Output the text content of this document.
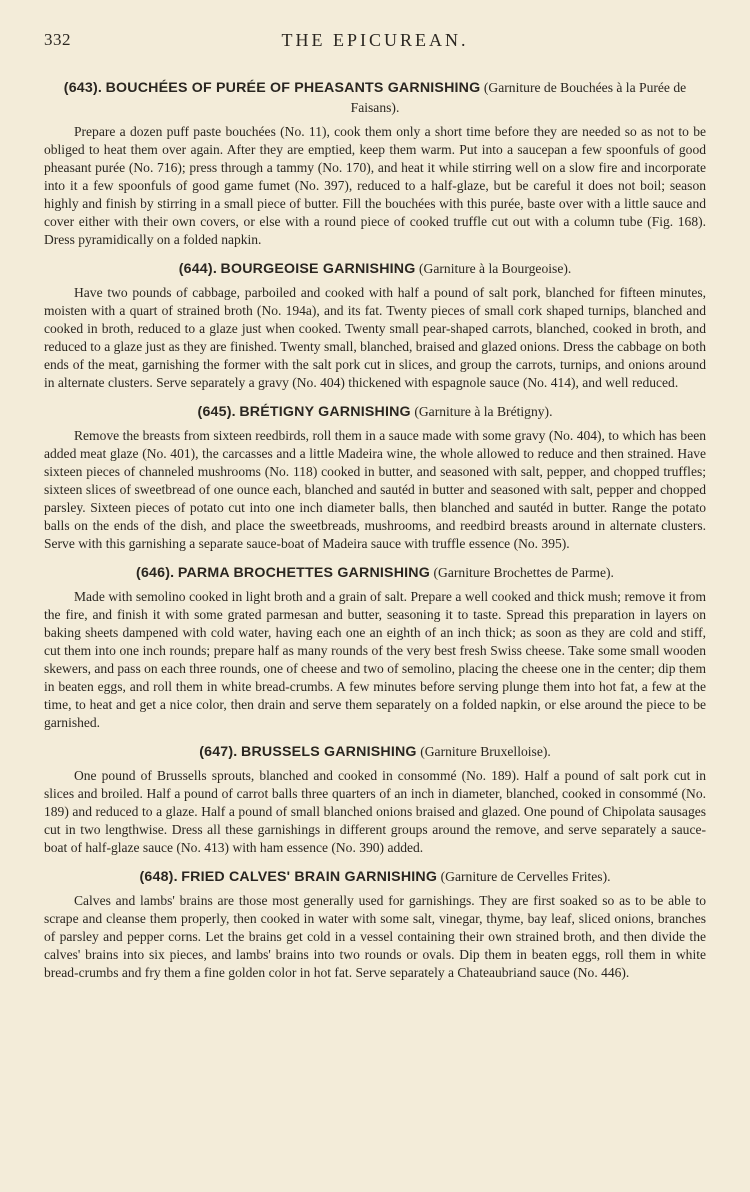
332	THE EPICUREAN.
(643). BOUCHÉES OF PURÉE OF PHEASANTS GARNISHING (Garniture de Bouchées à la Purée de Faisans).

Prepare a dozen puff paste bouchées (No. 11), cook them only a short time before they are needed so as not to be obliged to heat them over again. After they are emptied, keep them warm. Put into a saucepan a few spoonfuls of good pheasant purée (No. 716); press through a tammy (No. 170), and heat it while stirring well on a slow fire and incorporate into it a few spoonfuls of good game fumet (No. 397), reduced to a half-glaze, but be careful it does not boil; season highly and finish by stirring in a small piece of butter. Fill the bouchées with this purée, baste over with a little sauce and cover either with their own covers, or else with a round piece of cooked truffle cut out with a column tube (Fig. 168). Dress pyramidically on a folded napkin.

(644). BOURGEOISE GARNISHING (Garniture à la Bourgeoise).

Have two pounds of cabbage, parboiled and cooked with half a pound of salt pork, blanched for fifteen minutes, moisten with a quart of strained broth (No. 194a), and its fat. Twenty pieces of small cork shaped turnips, blanched and cooked in broth, reduced to a glaze just when cooked. Twenty small pear-shaped carrots, blanched, cooked in broth, and reduced to a glaze just as they are finished. Twenty small, blanched, braised and glazed onions. Dress the cabbage on both ends of the meat, garnishing the former with the salt pork cut in slices, and group the carrots, turnips, and onions around in alternate clusters. Serve separately a gravy (No. 404) thickened with espagnole sauce (No. 414), and well reduced.

(645). BRÉTIGNY GARNISHING (Garniture à la Brétigny).

Remove the breasts from sixteen reedbirds, roll them in a sauce made with some gravy (No. 404), to which has been added meat glaze (No. 401), the carcasses and a little Madeira wine, the whole allowed to reduce and then strained. Have sixteen pieces of channeled mushrooms (No. 118) cooked in butter, and seasoned with salt, pepper, and chopped truffles; sixteen slices of sweetbread of one ounce each, blanched and sautéd in butter and seasoned with salt, pepper and chopped parsley. Sixteen pieces of potato cut into one inch diameter balls, then blanched and sautéd in butter. Range the potato balls on the ends of the dish, and place the sweetbreads, mushrooms, and reedbird breasts around in alternate clusters. Serve with this garnishing a separate sauce-boat of Madeira sauce with truffle essence (No. 395).

(646). PARMA BROCHETTES GARNISHING (Garniture Brochettes de Parme).

Made with semolino cooked in light broth and a grain of salt. Prepare a well cooked and thick mush; remove it from the fire, and finish it with some grated parmesan and butter, seasoning it to taste. Spread this preparation in layers on baking sheets dampened with cold water, having each one an eighth of an inch thick; as soon as they are cold and stiff, cut them into one inch rounds; prepare half as many rounds of the very best fresh Swiss cheese. Take some small wooden skewers, and pass on each three rounds, one of cheese and two of semolino, placing the cheese one in the center; dip them in beaten eggs, and roll them in white bread-crumbs. A few minutes before serving plunge them into hot fat, a few at the time, to heat and get a nice color, then drain and serve them separately on a folded napkin, or else around the piece to be garnished.

(647). BRUSSELS GARNISHING (Garniture Bruxelloise).

One pound of Brussells sprouts, blanched and cooked in consommé (No. 189). Half a pound of salt pork cut in slices and broiled. Half a pound of carrot balls three quarters of an inch in diameter, blanched, cooked in consommé (No. 189) and reduced to a glaze. Half a pound of small blanched onions braised and glazed. One pound of Chipolata sausages cut in two lengthwise. Dress all these garnishings in different groups around the remove, and serve separately a sauce-boat of half-glaze sauce (No. 413) with ham essence (No. 390) added.

(648). FRIED CALVES' BRAIN GARNISHING (Garniture de Cervelles Frites).

Calves and lambs' brains are those most generally used for garnishings. They are first soaked so as to be able to scrape and cleanse them properly, then cooked in water with some salt, vinegar, thyme, bay leaf, sliced onions, branches of parsley and pepper corns. Let the brains get cold in a vessel containing their own strained broth, and then divide the calves' brains into six pieces, and lambs' brains into two rounds or ovals. Dip them in beaten eggs, roll them in white bread-crumbs and fry them a fine golden color in hot fat. Serve separately a Chateaubriand sauce (No. 446).
